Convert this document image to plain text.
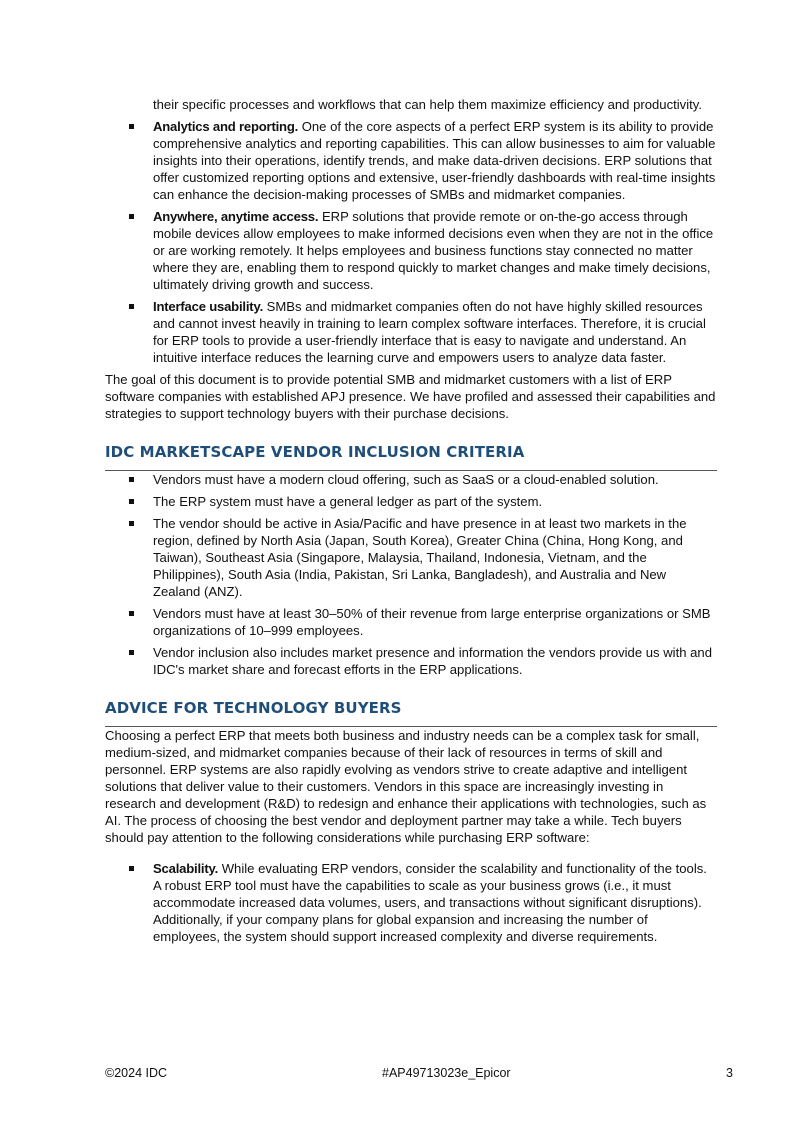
their specific processes and workflows that can help them maximize efficiency and productivity.
Analytics and reporting. One of the core aspects of a perfect ERP system is its ability to provide comprehensive analytics and reporting capabilities. This can allow businesses to aim for valuable insights into their operations, identify trends, and make data-driven decisions. ERP solutions that offer customized reporting options and extensive, user-friendly dashboards with real-time insights can enhance the decision-making processes of SMBs and midmarket companies.
Anywhere, anytime access. ERP solutions that provide remote or on-the-go access through mobile devices allow employees to make informed decisions even when they are not in the office or are working remotely. It helps employees and business functions stay connected no matter where they are, enabling them to respond quickly to market changes and make timely decisions, ultimately driving growth and success.
Interface usability. SMBs and midmarket companies often do not have highly skilled resources and cannot invest heavily in training to learn complex software interfaces. Therefore, it is crucial for ERP tools to provide a user-friendly interface that is easy to navigate and understand. An intuitive interface reduces the learning curve and empowers users to analyze data faster.

The goal of this document is to provide potential SMB and midmarket customers with a list of ERP software companies with established APJ presence. We have profiled and assessed their capabilities and strategies to support technology buyers with their purchase decisions.

IDC MARKETSCAPE VENDOR INCLUSION CRITERIA
Vendors must have a modern cloud offering, such as SaaS or a cloud-enabled solution.
The ERP system must have a general ledger as part of the system.
The vendor should be active in Asia/Pacific and have presence in at least two markets in the region, defined by North Asia (Japan, South Korea), Greater China (China, Hong Kong, and Taiwan), Southeast Asia (Singapore, Malaysia, Thailand, Indonesia, Vietnam, and the Philippines), South Asia (India, Pakistan, Sri Lanka, Bangladesh), and Australia and New Zealand (ANZ).
Vendors must have at least 30–50% of their revenue from large enterprise organizations or SMB organizations of 10–999 employees.
Vendor inclusion also includes market presence and information the vendors provide us with and IDC's market share and forecast efforts in the ERP applications.
ADVICE FOR TECHNOLOGY BUYERS

Choosing a perfect ERP that meets both business and industry needs can be a complex task for small, medium-sized, and midmarket companies because of their lack of resources in terms of skill and personnel. ERP systems are also rapidly evolving as vendors strive to create adaptive and intelligent solutions that deliver value to their customers. Vendors in this space are increasingly investing in research and development (R&D) to redesign and enhance their applications with technologies, such as AI. The process of choosing the best vendor and deployment partner may take a while. Tech buyers should pay attention to the following considerations while purchasing ERP software:

Scalability. While evaluating ERP vendors, consider the scalability and functionality of the tools. A robust ERP tool must have the capabilities to scale as your business grows (i.e., it must accommodate increased data volumes, users, and transactions without significant disruptions). Additionally, if your company plans for global expansion and increasing the number of employees, the system should support increased complexity and diverse requirements.
©2024 IDC	#AP49713023e_Epicor	3
